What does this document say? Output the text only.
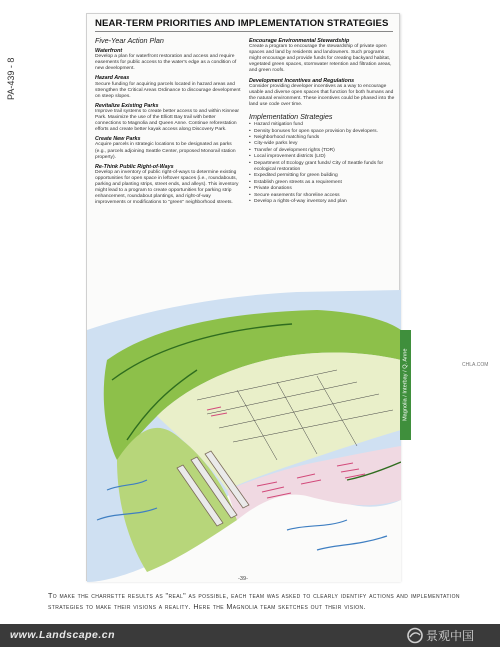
PA-439 - 8
NEAR-TERM PRIORITIES AND IMPLEMENTATION STRATEGIES
Five-Year Action Plan
Waterfront
Develop a plan for waterfront restoration and access and require easements for public access to the water's edge as a condition of new development.
Hazard Areas
Secure funding for acquiring parcels located in hazard areas and strengthen the Critical Areas Ordinance to discourage development on steep slopes.
Revitalize Existing Parks
Improve trail systems to create better access to and within Kinnear Park. Maximize the use of the Elliott Bay trail with better connections to Magnolia and Queen Anne. Continue reforestation efforts and create better kayak access along Discovery Park.
Create New Parks
Acquire parcels in strategic locations to be designated as parks (e.g., parcels adjoining Seattle Center, proposed Monorail station property).
Re-Think Public Right-of-Ways
Develop an inventory of public right-of-ways to determine existing opportunities for open space in leftover spaces (i.e., roundabouts, parking and planting strips, street ends, and alleys). This inventory might lead to a program to create opportunities for parking strip enhancement, roundabout plantings, and right-of-way improvements or modifications to "green" neighborhood streets.
Encourage Environmental Stewardship
Create a program to encourage the stewardship of private open spaces and land by residents and landowners. Such programs might encourage and provide funds for creating backyard habitat, vegetated green spaces, stormwater retention and filtration areas, and green roofs.
Development Incentives and Regulations
Consider providing developer incentives as a way to encourage usable and diverse open spaces that function for both humans and the natural environment. These incentives could be phased into the land use code over time.
Implementation Strategies
• Hazard mitigation fund
• Density bonuses for open space provision by developers.
• Neighborhood matching funds
• City-wide parks levy
• Transfer of development rights (TDR)
• Local improvement districts (LID)
• Department of Ecology grant funds/ City of Seattle funds for ecological restoration
• Expedited permitting for green building
• Establish green streets as a requirement
• Private donations
• Secure easements for shoreline access
• Develop a rights-of-way inventory and plan
Magnolia / Interbay / Q. Anne	CHLA.COM
-39-
To make the charrette results as "real" as possible, each team was asked to clearly identify actions and implementation strategies to make their visions a reality. Here the Magnolia team sketches out their vision.
www.Landscape.cn	景观中国
